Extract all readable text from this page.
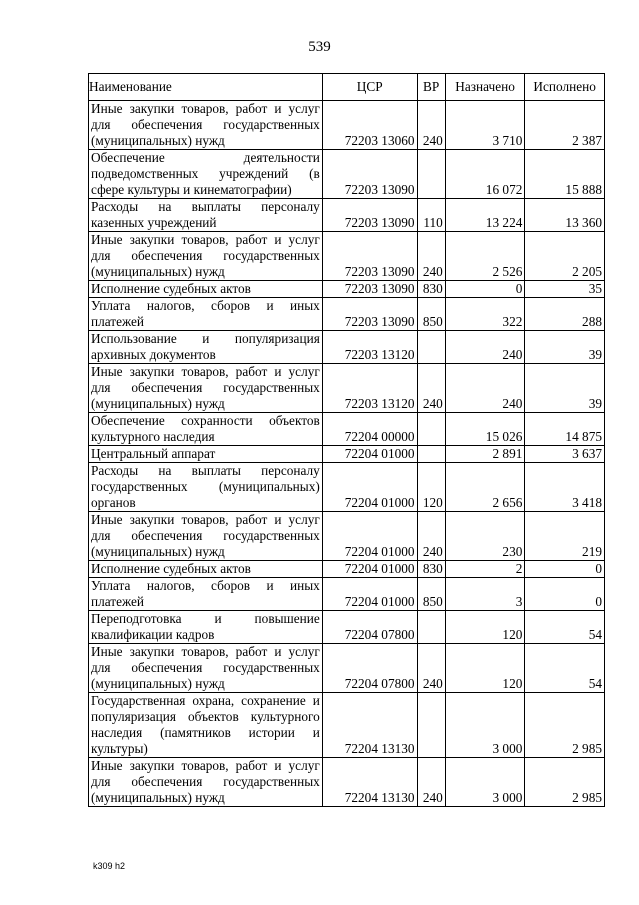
539
Наименование	ЦСР	ВР	Назначено	Исполнено
Иные закупки товаров, работ и услуг для обеспечения государственных (муниципальных) нужд	72203 13060	240	3 710	2 387
Обеспечение деятельности подведомственных учреждений (в сфере культуры и кинематографии)	72203 13090		16 072	15 888
Расходы на выплаты персоналу казенных учреждений	72203 13090	110	13 224	13 360
Иные закупки товаров, работ и услуг для обеспечения государственных (муниципальных) нужд	72203 13090	240	2 526	2 205
Исполнение судебных актов	72203 13090	830	0	35
Уплата налогов, сборов и иных платежей	72203 13090	850	322	288
Использование и популяризация архивных документов	72203 13120		240	39
Иные закупки товаров, работ и услуг для обеспечения государственных (муниципальных) нужд	72203 13120	240	240	39
Обеспечение сохранности объектов культурного наследия	72204 00000		15 026	14 875
Центральный аппарат	72204 01000		2 891	3 637
Расходы на выплаты персоналу государственных (муниципальных) органов	72204 01000	120	2 656	3 418
Иные закупки товаров, работ и услуг для обеспечения государственных (муниципальных) нужд	72204 01000	240	230	219
Исполнение судебных актов	72204 01000	830	2	0
Уплата налогов, сборов и иных платежей	72204 01000	850	3	0
Переподготовка и повышение квалификации кадров	72204 07800		120	54
Иные закупки товаров, работ и услуг для обеспечения государственных (муниципальных) нужд	72204 07800	240	120	54
Государственная охрана, сохранение и популяризация объектов культурного наследия (памятников истории и культуры)	72204 13130		3 000	2 985
Иные закупки товаров, работ и услуг для обеспечения государственных (муниципальных) нужд	72204 13130	240	3 000	2 985
k309 h2
